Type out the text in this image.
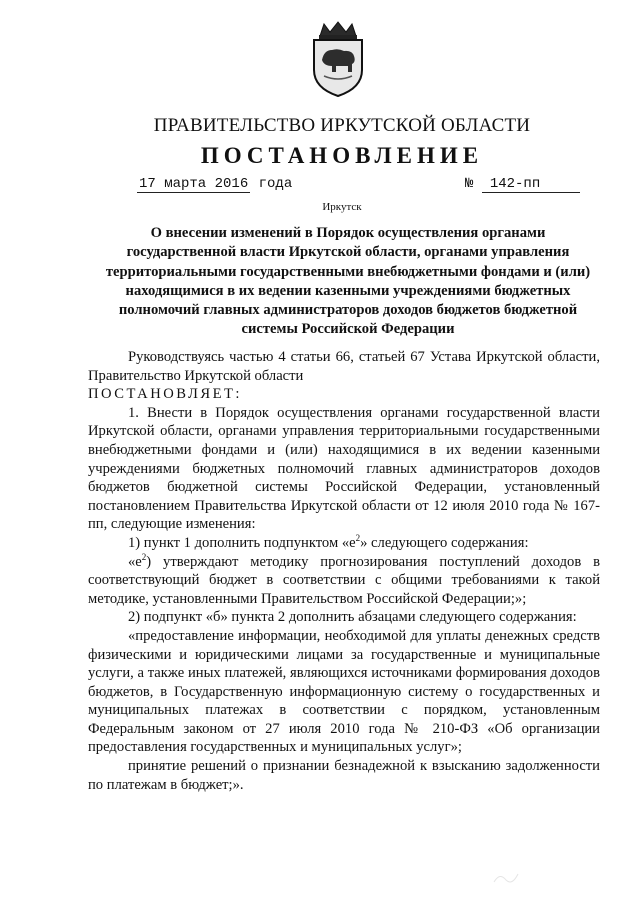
ПРАВИТЕЛЬСТВО ИРКУТСКОЙ ОБЛАСТИ
ПОСТАНОВЛЕНИЕ
17 марта 2016 года	№ 142-пп
Иркутск
О внесении изменений в Порядок осуществления органами
государственной власти Иркутской области, органами управления
территориальными государственными внебюджетными фондами и (или)
находящимися в их ведении казенными учреждениями бюджетных
полномочий главных администраторов доходов бюджетов бюджетной
системы Российской Федерации

Руководствуясь частью 4 статьи 66, статьей 67 Устава Иркутской области, Правительство Иркутской области

ПОСТАНОВЛЯЕТ:

1. Внести в Порядок осуществления органами государственной власти Иркутской области, органами управления территориальными государственными внебюджетными фондами и (или) находящимися в их ведении казенными учреждениями бюджетных полномочий главных администраторов доходов бюджетов бюджетной системы Российской Федерации, установленный постановлением Правительства Иркутской области от 12 июля 2010 года № 167-пп, следующие изменения:

1) пункт 1 дополнить подпунктом «$е^2$» следующего содержания:

«$е^2$) утверждают методику прогнозирования поступлений доходов в соответствующий бюджет в соответствии с общими требованиями к такой методике, установленными Правительством Российской Федерации;»;

2) подпункт «б» пункта 2 дополнить абзацами следующего содержания:

«предоставление информации, необходимой для уплаты денежных средств физическими и юридическими лицами за государственные и муниципальные услуги, а также иных платежей, являющихся источниками формирования доходов бюджетов, в Государственную информационную систему о государственных и муниципальных платежах в соответствии с порядком, установленным Федеральным законом от 27 июля 2010 года № 210-ФЗ «Об организации предоставления государственных и муниципальных услуг»;

принятие решений о признании безнадежной к взысканию задолженности по платежам в бюджет;».
